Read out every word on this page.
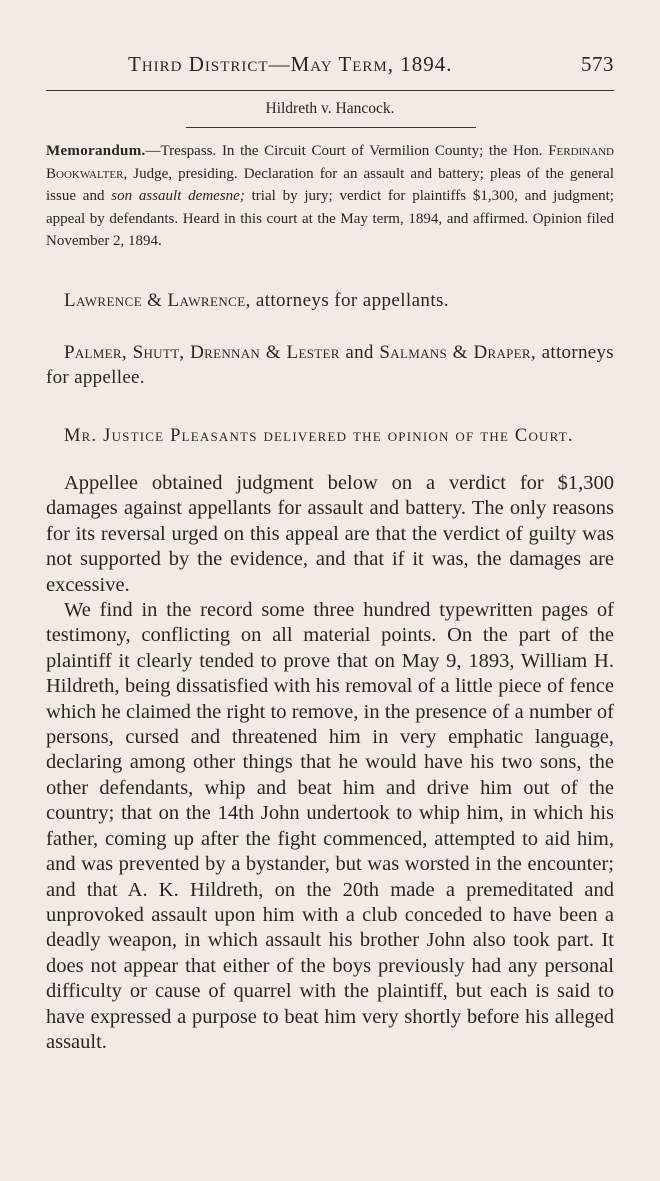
Third District—May Term, 1894.	573
Hildreth v. Hancock.
Memorandum.—Trespass. In the Circuit Court of Vermilion County; the Hon. Ferdinand Bookwalter, Judge, presiding. Declaration for an assault and battery; pleas of the general issue and son assault demesne; trial by jury; verdict for plaintiffs $1,300, and judgment; appeal by defendants. Heard in this court at the May term, 1894, and affirmed. Opinion filed November 2, 1894.
Lawrence & Lawrence, attorneys for appellants.
Palmer, Shutt, Drennan & Lester and Salmans & Draper, attorneys for appellee.
Mr. Justice Pleasants delivered the opinion of the Court.

Appellee obtained judgment below on a verdict for $1,300 damages against appellants for assault and battery. The only reasons for its reversal urged on this appeal are that the verdict of guilty was not supported by the evidence, and that if it was, the damages are excessive.

We find in the record some three hundred typewritten pages of testimony, conflicting on all material points. On the part of the plaintiff it clearly tended to prove that on May 9, 1893, William H. Hildreth, being dissatisfied with his removal of a little piece of fence which he claimed the right to remove, in the presence of a number of persons, cursed and threatened him in very emphatic language, declaring among other things that he would have his two sons, the other defendants, whip and beat him and drive him out of the country; that on the 14th John undertook to whip him, in which his father, coming up after the fight commenced, attempted to aid him, and was prevented by a bystander, but was worsted in the encounter; and that A. K. Hildreth, on the 20th made a premeditated and unprovoked assault upon him with a club conceded to have been a deadly weapon, in which assault his brother John also took part. It does not appear that either of the boys previously had any personal difficulty or cause of quarrel with the plaintiff, but each is said to have expressed a purpose to beat him very shortly before his alleged assault.
